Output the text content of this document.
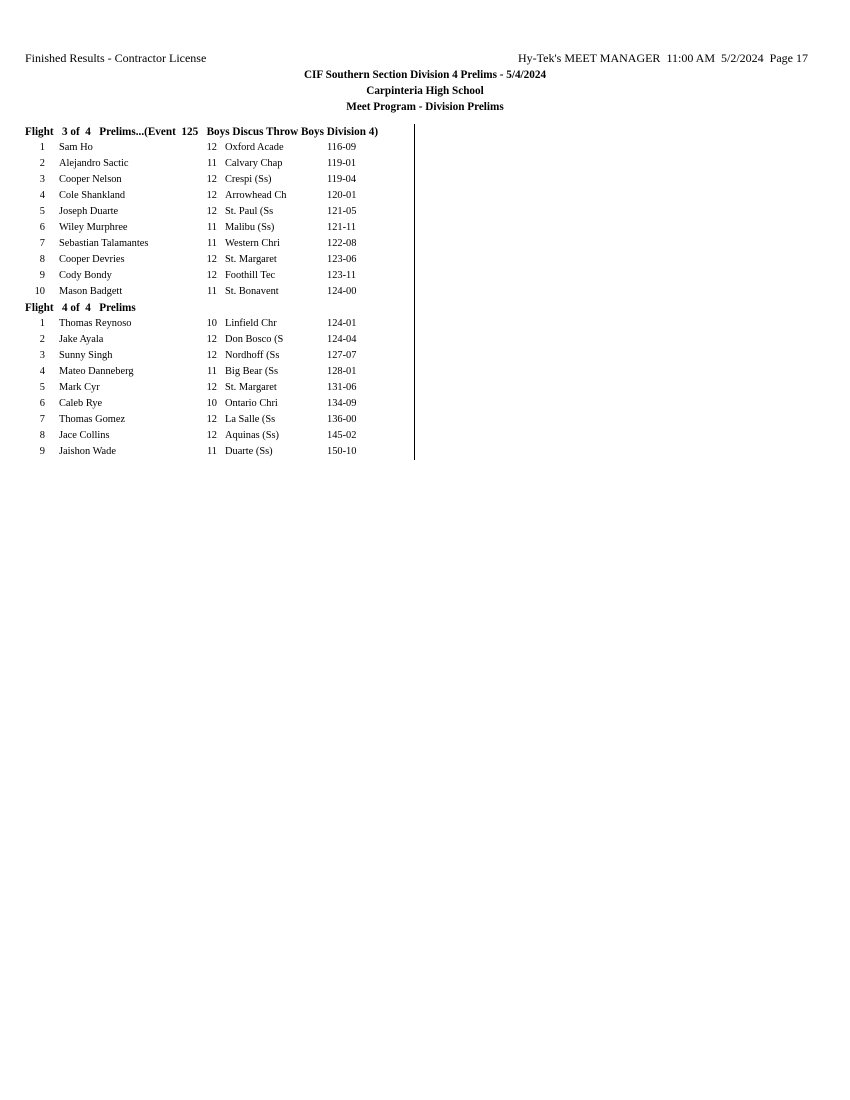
Finished Results - Contractor License	Hy-Tek's MEET MANAGER  11:00 AM  5/2/2024  Page 17
CIF Southern Section Division 4 Prelims - 5/4/2024
Carpinteria High School
Meet Program - Division Prelims
Flight   3 of  4   Prelims...(Event  125   Boys Discus Throw Boys Division 4)
1 Sam Ho	12 Oxford Acade	116-09
2 Alejandro Sactic	11 Calvary Chap	119-01
3 Cooper Nelson	12 Crespi (Ss)	119-04
4 Cole Shankland	12 Arrowhead Ch	120-01
5 Joseph Duarte	12 St. Paul (Ss	121-05
6 Wiley Murphree	11 Malibu (Ss)	121-11
7 Sebastian Talamantes	11 Western Chri	122-08
8 Cooper Devries	12 St. Margaret	123-06
9 Cody Bondy	12 Foothill Tec	123-11
10 Mason Badgett	11 St. Bonavent	124-00
Flight   4 of  4   Prelims
1 Thomas Reynoso	10 Linfield Chr	124-01
2 Jake Ayala	12 Don Bosco (S	124-04
3 Sunny Singh	12 Nordhoff (Ss	127-07
4 Mateo Danneberg	11 Big Bear (Ss	128-01
5 Mark Cyr	12 St. Margaret	131-06
6 Caleb Rye	10 Ontario Chri	134-09
7 Thomas Gomez	12 La Salle (Ss	136-00
8 Jace Collins	12 Aquinas (Ss)	145-02
9 Jaishon Wade	11 Duarte (Ss)	150-10
